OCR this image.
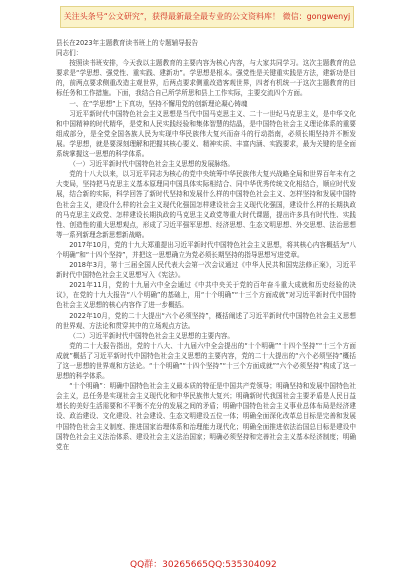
关注头条号“公文研究”，获得最新最全最专业的公文资料库！ 微信：gongwenyj

县长在2023年主题教育读书班上的专题辅导报告

同志们：

按照读书班安排，今天我以主题教育的主要内容为核心内容，与大家共同学习。这次主题教育的总要求是“学思想、强党性、重实践、建新功”。学思想是根本。强党性是关键重实践是方法，建新功是目的，前两点要求侧重改造主观世界，后两点要求侧重改造客观世界，四者有机统一于这次主题教育的目标任务和工作措施。下面，我结合自己所学所思和县上工作实际，主要交流四个方面。

一、在“学思想”上下真功，坚持不懈用党的创新理论凝心铸魂

习近平新时代中国特色社会主义思想是当代中国马克思主义、二十一世纪马克思主义，是中华文化和中国精神的时代精华，是党和人民实践经验和集体智慧的结晶，是中国特色社会主义理论体系的重要组成部分，是全党全国各族人民为实现中华民族伟大复兴而奋斗的行动指南，必须长期坚持并不断发展。学思想，就是要深刻理解和把握其核心要义、精神实质、丰富内涵、实践要求，最为关键的是全面系统掌握这一思想的科学体系。

（一）习近平新时代中国特色社会主义思想的发展脉络。

党的十八大以来，以习近平同志为核心的党中央统筹中华民族伟大复兴战略全局和世界百年未有之大变局，坚持把马克思主义基本原理同中国具体实际相结合、同中华优秀传统文化相结合，顺应时代发展，结合新的实际，科学回答了新时代坚持和发展什么样的中国特色社会主义、怎样坚持和发展中国特色社会主义，建设什么样的社会主义现代化强国怎样建设社会主义现代化强国，建设什么样的长期执政的马克思主义政党、怎样建设长期执政的马克思主义政党等重大时代课题，提出许多具有时代性、实践性、创造性的重大思想观点，形成了习近平强军思想、经济思想、生态文明思想、外交思想、法治思想等一系列新理念新思想新战略。

2017年10月，党的十九大郑重提出习近平新时代中国特色社会主义思想，将其核心内容概括为“八个明确”和“十四个坚持”，并把这一思想确立为党必须长期坚持的指导思想写进党章。

2018年3月，第十三届全国人民代表大会第一次会议通过《中华人民共和国宪法修正案》，习近平新时代中国特色社会主义思想写入《宪法》。

2021年11月，党的十九届六中全会通过《中共中央关于党的百年奋斗重大成就和历史经验的决议》，在党的十九大报告“八个明确”的基础上，用“十个明确”“十三个方面成就”对习近平新时代中国特色社会主义思想的核心内容作了进一步概括。

2022年10月，党的二十大提出“六个必须坚持”，概括阐述了习近平新时代中国特色社会主义思想的世界观、方法论和贯穿其中的立场观点方法。

（二）习近平新时代中国特色社会主义思想的主要内容。

党的二十大报告指出，党的十八大、十九届六中全会提出的“十个明确”“十四个坚持”“十三个方面成就”概括了习近平新时代中国特色社会主义思想的主要内容，党的二十大提出的“六个必须坚持”概括了这一思想的世界观和方法论。“十个明确”“十四个坚持”“十三个方面成就”“六个必须坚持”构成了这一思想的科学体系。

“十个明确”：明确中国特色社会主义最本质的特征是中国共产党领导；明确坚持和发展中国特色社会主义，总任务是实现社会主义现代化和中华民族伟大复兴；明确新时代我国社会主要矛盾是人民日益增长的美好生活需要和不平衡不充分的发展之间的矛盾；明确中国特色社会主义事业总体布局是经济建设、政治建设、文化建设、社会建设、生态文明建设五位一体；明确全面深化改革总目标是完善和发展中国特色社会主义制度、推进国家治理体系和治理能力现代化；明确全面推进依法治国总目标是建设中国特色社会主义法治体系、建设社会主义法治国家；明确必须坚持和完善社会主义基本经济制度；明确党在

QQ群：30265665 QQ:535304092
